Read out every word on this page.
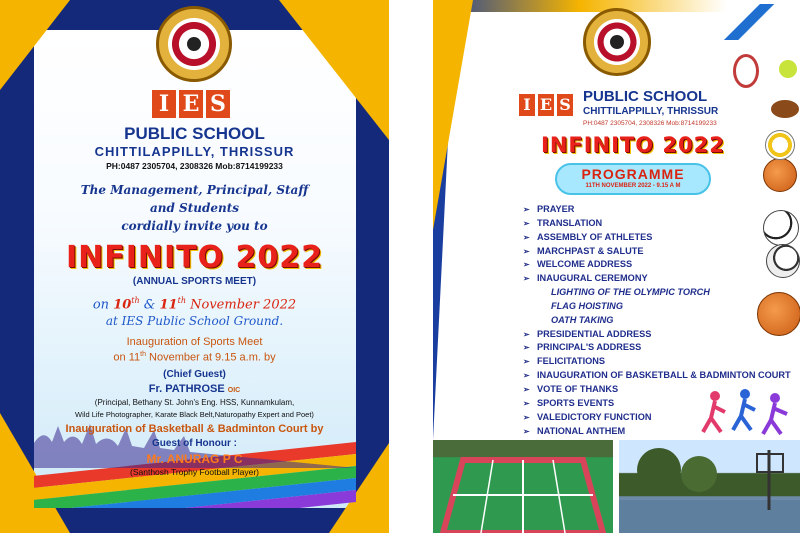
I E S
PUBLIC SCHOOL
CHITTILAPPILLY, THRISSUR
PH:0487 2305704, 2308326 Mob:8714199233
The Management, Principal, Staff
and Students
cordially invite you to
INFINITO 2022
(ANNUAL SPORTS MEET)
on 10th & 11th November 2022
at IES Public School Ground.
Inauguration of Sports Meet
on 11th November at 9.15 a.m. by
(Chief Guest)
Fr. PATHROSE OIC
(Principal, Bethany St. John's Eng. HSS, Kunnamkulam,
Wild Life Photographer, Karate Black Belt,Naturopathy Expert and Poet)
Inauguration of Basketball & Badminton Court by
Guest of Honour :
Mr. ANURAG P C
(Santhosh Trophy Football Player)
I E S PUBLIC SCHOOL
CHITTILAPPILLY, THRISSUR
PH:0487 2305704, 2308326 Mob:8714199233
INFINITO 2022
PROGRAMME
11TH NOVEMBER 2022 - 9.15 A M
➢ PRAYER
➢ TRANSLATION
➢ ASSEMBLY OF ATHLETES
➢ MARCHPAST & SALUTE
➢ WELCOME ADDRESS
➢ INAUGURAL CEREMONY
LIGHTING OF THE OLYMPIC TORCH
FLAG HOISTING
OATH TAKING
➢ PRESIDENTIAL ADDRESS
➢ PRINCIPAL'S ADDRESS
➢ FELICITATIONS
➢ INAUGURATION OF BASKETBALL & BADMINTON COURT
➢ VOTE OF THANKS
➢ SPORTS EVENTS
➢ VALEDICTORY FUNCTION
➢ NATIONAL ANTHEM
